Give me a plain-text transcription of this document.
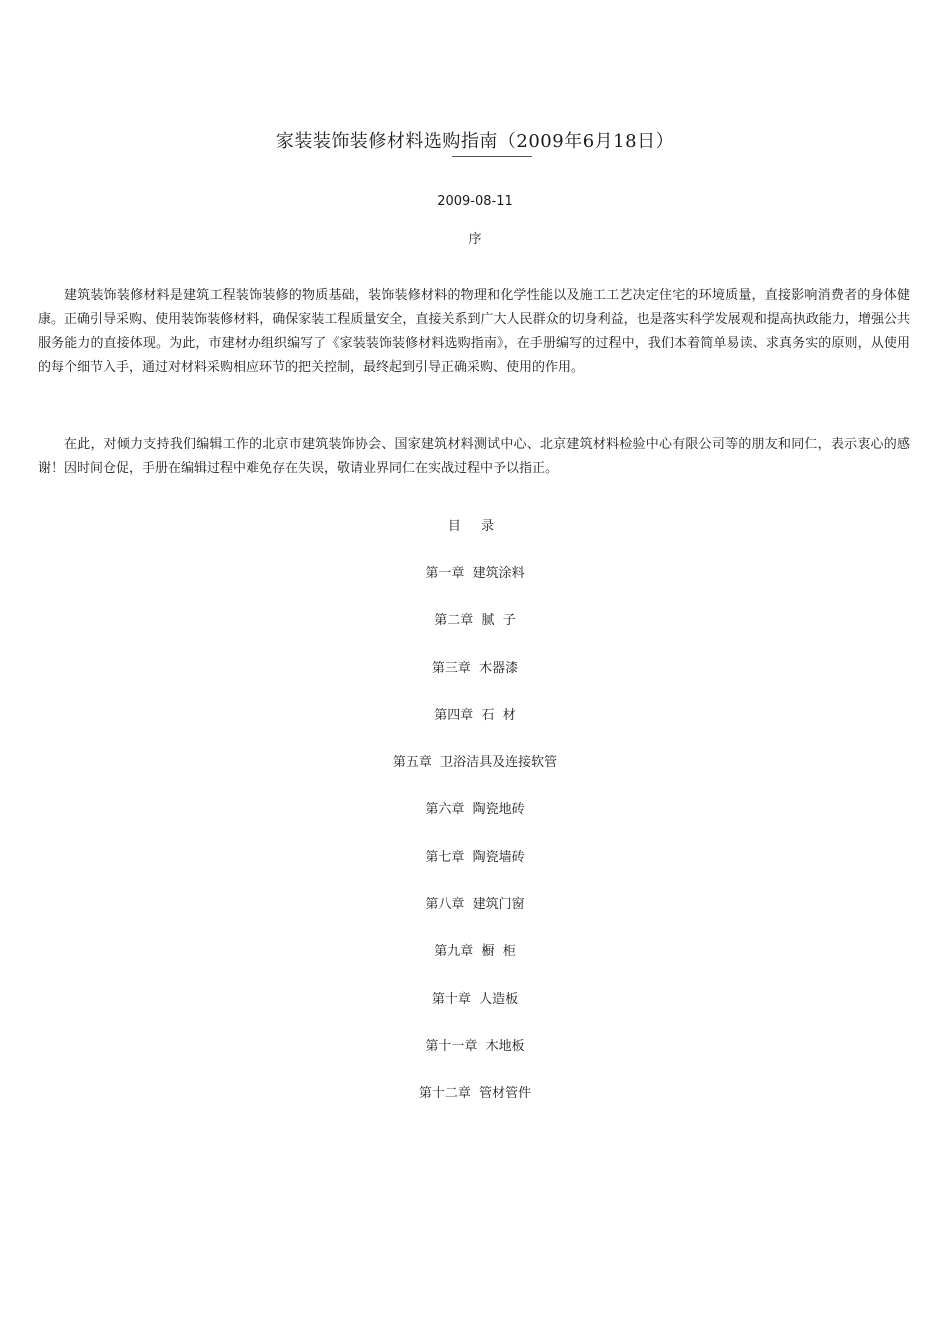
家装装饰装修材料选购指南（2009年6月18日）
2009-08-11
序

建筑装饰装修材料是建筑工程装饰装修的物质基础，装饰装修材料的物理和化学性能以及施工工艺决定住宅的环境质量，直接影响消费者的身体健康。正确引导采购、使用装饰装修材料，确保家装工程质量安全，直接关系到广大人民群众的切身利益，也是落实科学发展观和提高执政能力，增强公共服务能力的直接体现。为此，市建材办组织编写了《家装装饰装修材料选购指南》，在手册编写的过程中，我们本着简单易读、求真务实的原则，从使用的每个细节入手，通过对材料采购相应环节的把关控制，最终起到引导正确采购、使用的作用。

在此，对倾力支持我们编辑工作的北京市建筑装饰协会、国家建筑材料测试中心、北京建筑材料检验中心有限公司等的朋友和同仁，表示衷心的感谢！因时间仓促，手册在编辑过程中难免存在失误，敬请业界同仁在实战过程中予以指正。

目 录
第一章  建筑涂料
第二章  腻  子
第三章  木器漆
第四章  石  材
第五章  卫浴洁具及连接软管
第六章  陶瓷地砖
第七章  陶瓷墙砖
第八章  建筑门窗
第九章  橱  柜
第十章  人造板
第十一章  木地板
第十二章  管材管件
